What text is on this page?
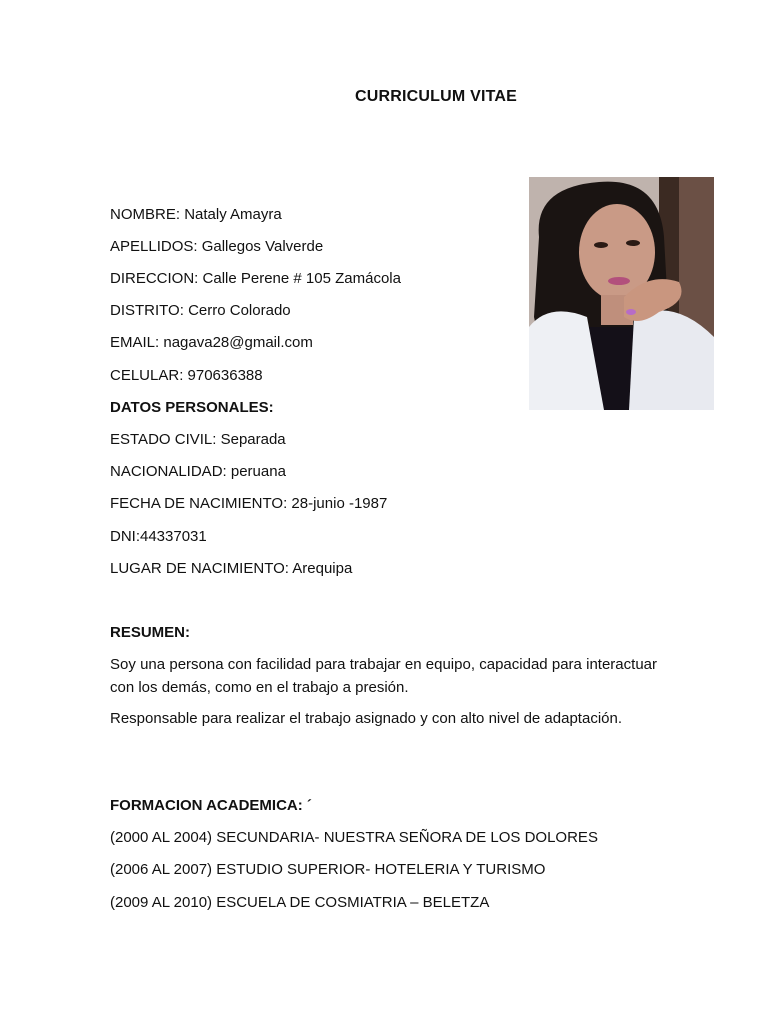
CURRICULUM VITAE
NOMBRE: Nataly Amayra
APELLIDOS: Gallegos Valverde
DIRECCION: Calle Perene # 105 Zamácola
DISTRITO: Cerro Colorado
EMAIL: nagava28@gmail.com
CELULAR: 970636388
DATOS PERSONALES:
ESTADO CIVIL: Separada
NACIONALIDAD: peruana
FECHA DE NACIMIENTO: 28-junio -1987
DNI:44337031
LUGAR DE NACIMIENTO: Arequipa
RESUMEN:
Soy una persona con facilidad para trabajar en equipo, capacidad para interactuar con los demás, como en el trabajo a presión.
Responsable para realizar el trabajo asignado y con alto nivel de adaptación.
FORMACION ACADEMICA: ´
(2000 AL 2004) SECUNDARIA- NUESTRA SEÑORA DE LOS DOLORES
(2006 AL 2007) ESTUDIO SUPERIOR- HOTELERIA Y TURISMO
(2009 AL 2010) ESCUELA DE COSMIATRIA – BELETZA
